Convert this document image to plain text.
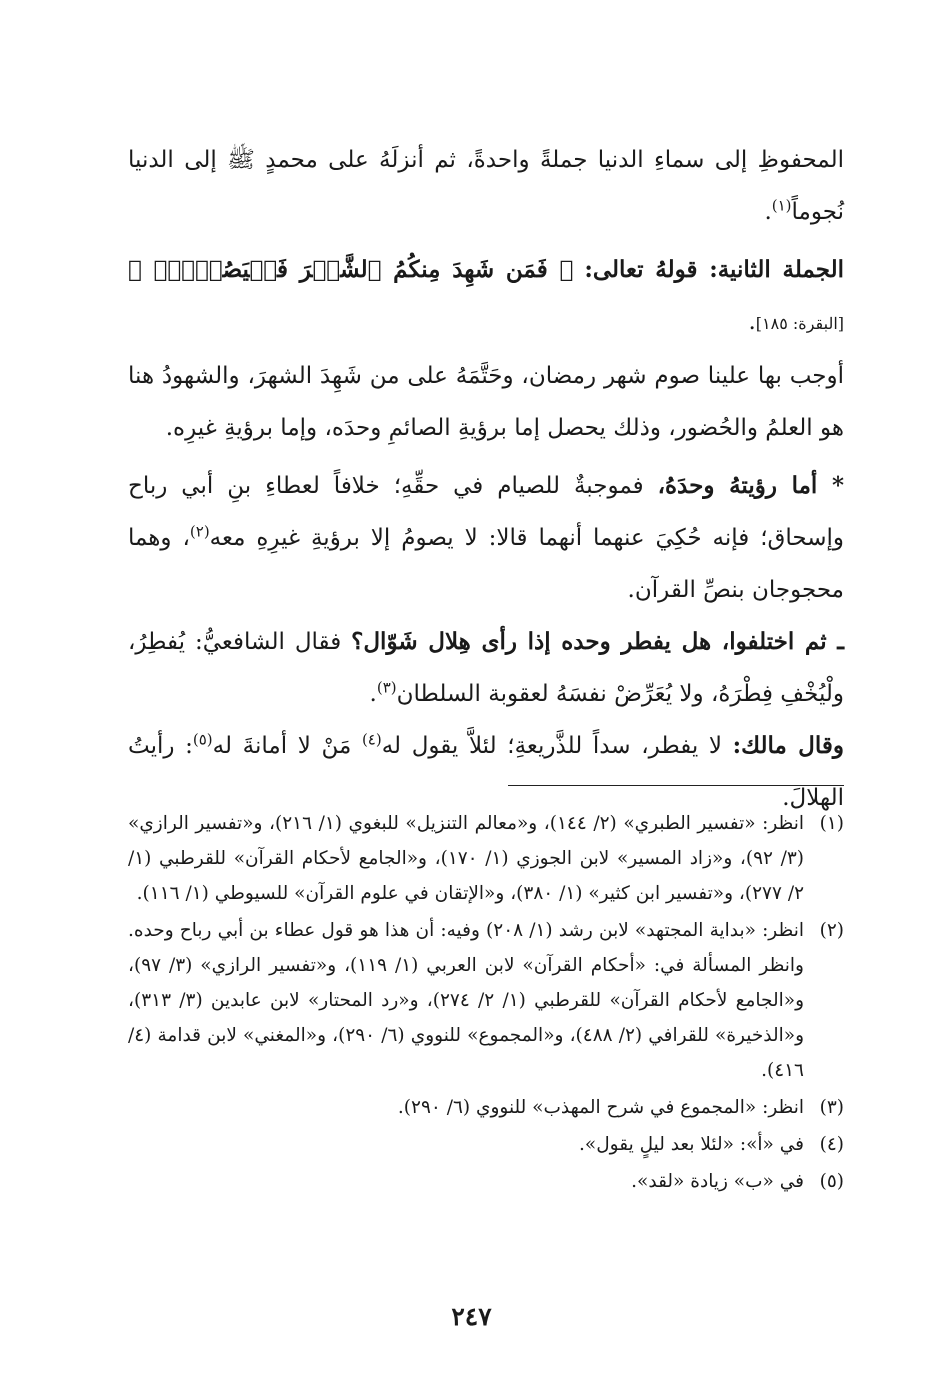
المحفوظِ إلى سماءِ الدنيا جملةً واحدةً، ثم أنزلَهُ على محمدٍ ﷺ إلى الدنيا نُجوماً$^{(١)}$.

الجملة الثانية: قولهُ تعالى: ﴿ فَمَن شَهِدَ مِنكُمُ ٱلشَّهۡرَ فَلۡيَصُمۡهُۖ ﴾ [البقرة: ١٨٥].

أوجب بها علينا صوم شهر رمضان، وحَتَّمَهُ على من شَهِدَ الشهرَ، والشهودُ هنا هو العلمُ والحُضور، وذلك يحصل إما برؤيةِ الصائمِ وحدَه، وإما برؤيةِ غيرِه.

* أما رؤيتهُ وحدَهُ، فموجبةٌ للصيام في حقِّهِ؛ خلافاً لعطاءِ بنِ أبي رباح وإسحاق؛ فإنه حُكِيَ عنهما أنهما قالا: لا يصومُ إلا برؤيةِ غيرِهِ معه$^{(٢)}$، وهما محجوجان بنصِّ القرآن.

ـ ثم اختلفوا، هل يفطر وحده إذا رأى هِلال شَوّال؟ فقال الشافعيُّ: يُفطِرُ، ولْيُخْفِ فِطْرَهُ، ولا يُعَرِّضْ نفسَهُ لعقوبة السلطان$^{(٣)}$.

وقال مالك: لا يفطر، سداً للذَّريعةِ؛ لئلاَّ يقول له$^{(٤)}$ مَنْ لا أمانةَ له$^{(٥)}$: رأيتُ الهلالَ.

(١)
انظر: «تفسير الطبري» (٢/ ١٤٤)، و«معالم التنزيل» للبغوي (١/ ٢١٦)، و«تفسير الرازي» (٣/ ٩٢)، و«زاد المسير» لابن الجوزي (١/ ١٧٠)، و«الجامع لأحكام القرآن» للقرطبي (١/ ٢/ ٢٧٧)، و«تفسير ابن كثير» (١/ ٣٨٠)، و«الإتقان في علوم القرآن» للسيوطي (١/ ١١٦).
(٢)
انظر: «بداية المجتهد» لابن رشد (١/ ٢٠٨) وفيه: أن هذا هو قول عطاء بن أبي رباح وحده. وانظر المسألة في: «أحكام القرآن» لابن العربي (١/ ١١٩)، و«تفسير الرازي» (٣/ ٩٧)، و«الجامع لأحكام القرآن» للقرطبي (١/ ٢/ ٢٧٤)، و«رد المحتار» لابن عابدين (٣/ ٣١٣)، و«الذخيرة» للقرافي (٢/ ٤٨٨)، و«المجموع» للنووي (٦/ ٢٩٠)، و«المغني» لابن قدامة (٤/ ٤١٦).
(٣)
انظر: «المجموع في شرح المهذب» للنووي (٦/ ٢٩٠).
(٤)
في «أ»: «لئلا بعد ليلٍ يقول».
(٥)
في «ب» زيادة «لقد».
٢٤٧
